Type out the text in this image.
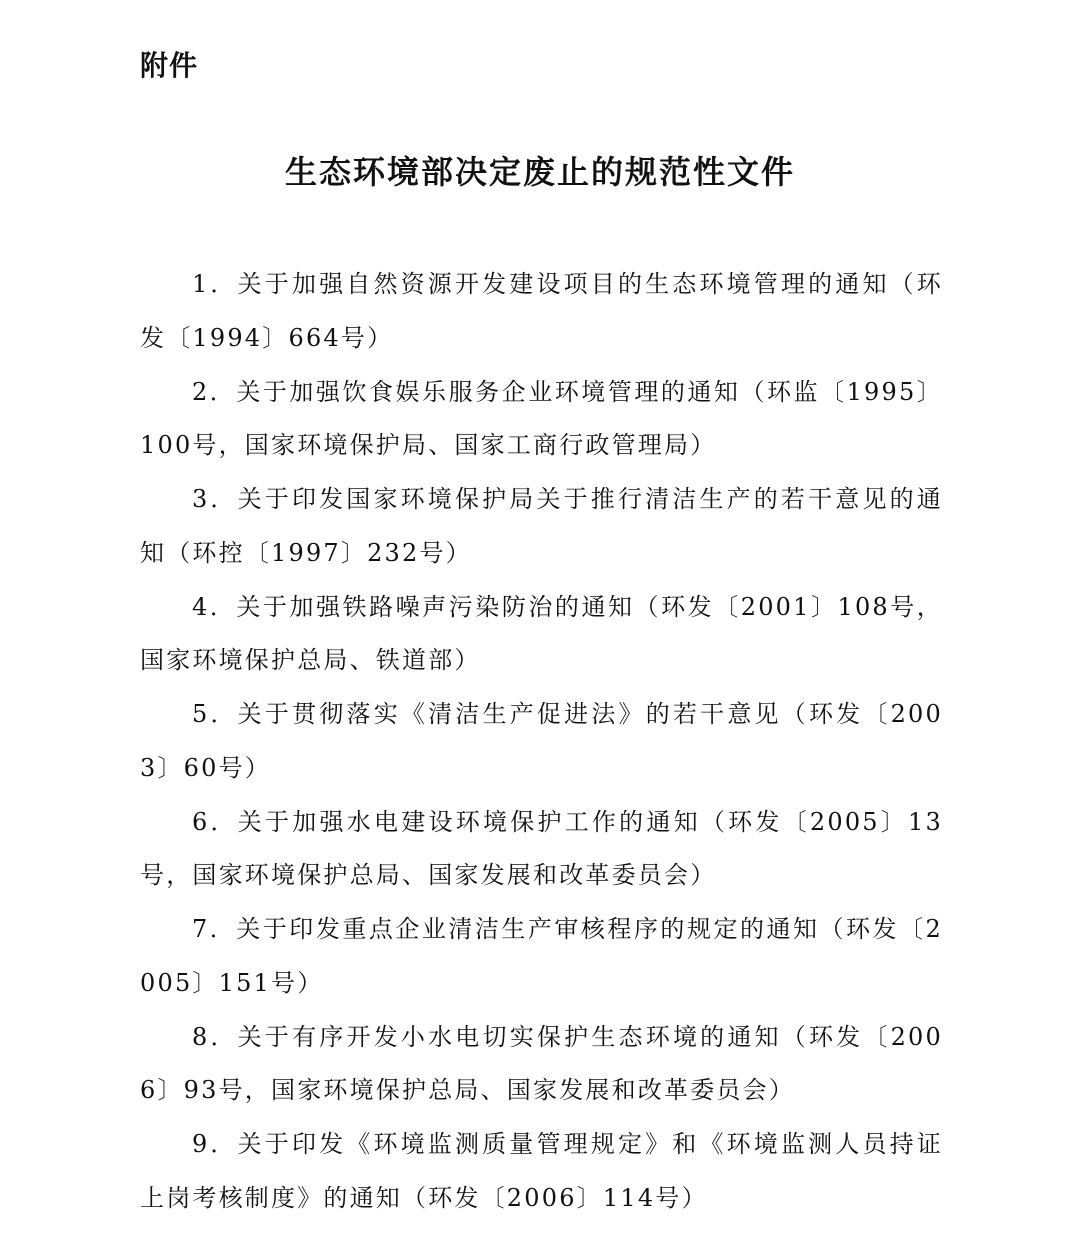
附件
生态环境部决定废止的规范性文件
1．关于加强自然资源开发建设项目的生态环境管理的通知（环发〔1994〕664号）
2．关于加强饮食娱乐服务企业环境管理的通知（环监〔1995〕100号，国家环境保护局、国家工商行政管理局）
3．关于印发国家环境保护局关于推行清洁生产的若干意见的通知（环控〔1997〕232号）
4．关于加强铁路噪声污染防治的通知（环发〔2001〕108号，国家环境保护总局、铁道部）
5．关于贯彻落实《清洁生产促进法》的若干意见（环发〔2003〕60号）
6．关于加强水电建设环境保护工作的通知（环发〔2005〕13号，国家环境保护总局、国家发展和改革委员会）
7．关于印发重点企业清洁生产审核程序的规定的通知（环发〔2005〕151号）
8．关于有序开发小水电切实保护生态环境的通知（环发〔2006〕93号，国家环境保护总局、国家发展和改革委员会）
9．关于印发《环境监测质量管理规定》和《环境监测人员持证上岗考核制度》的通知（环发〔2006〕114号）
